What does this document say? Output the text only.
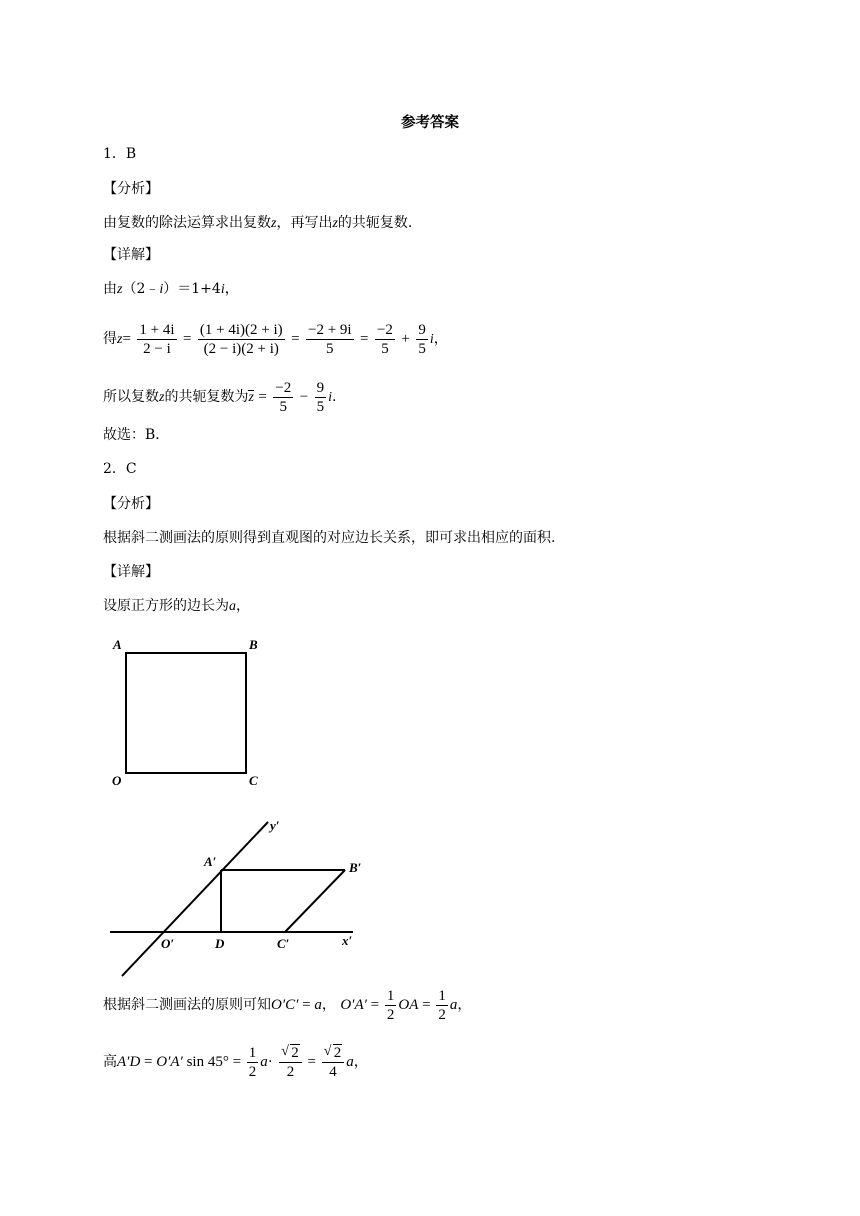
参考答案
1．B
【分析】
由复数的除法运算求出复数z，再写出z的共轭复数.
【详解】
由z（2﹣i）＝1+4i，
得$z= \frac{1 + 4i}{2 - i} = \frac{(1 + 4i)(2 + i)}{(2 - i)(2 + i)} = \frac{-2 + 9i}{5} = \frac{-2}{5} + \frac{9}{5}$ i，
所以复数z的共轭复数为$z = \frac{-2}{5} - \frac{9}{5} i$.
故选：B．
2．C
【分析】
根据斜二测画法的原则得到直观图的对应边长关系，即可求出相应的面积.
【详解】
设原正方形的边长为a，
A	B
O	C
y′
A′	B′
O′	D	C′	x′
根据斜二测画法的原则可知O′C′ = a， $O'A' = \frac{1}{2}$ OA = $\frac{1}{2}$ a，
高A′D = O′A′ $\sin 45^\circ = \frac{1}{2} a\cdot$ √ $\frac{2}{2}$ = √ $\frac{2}{4}$ a，
